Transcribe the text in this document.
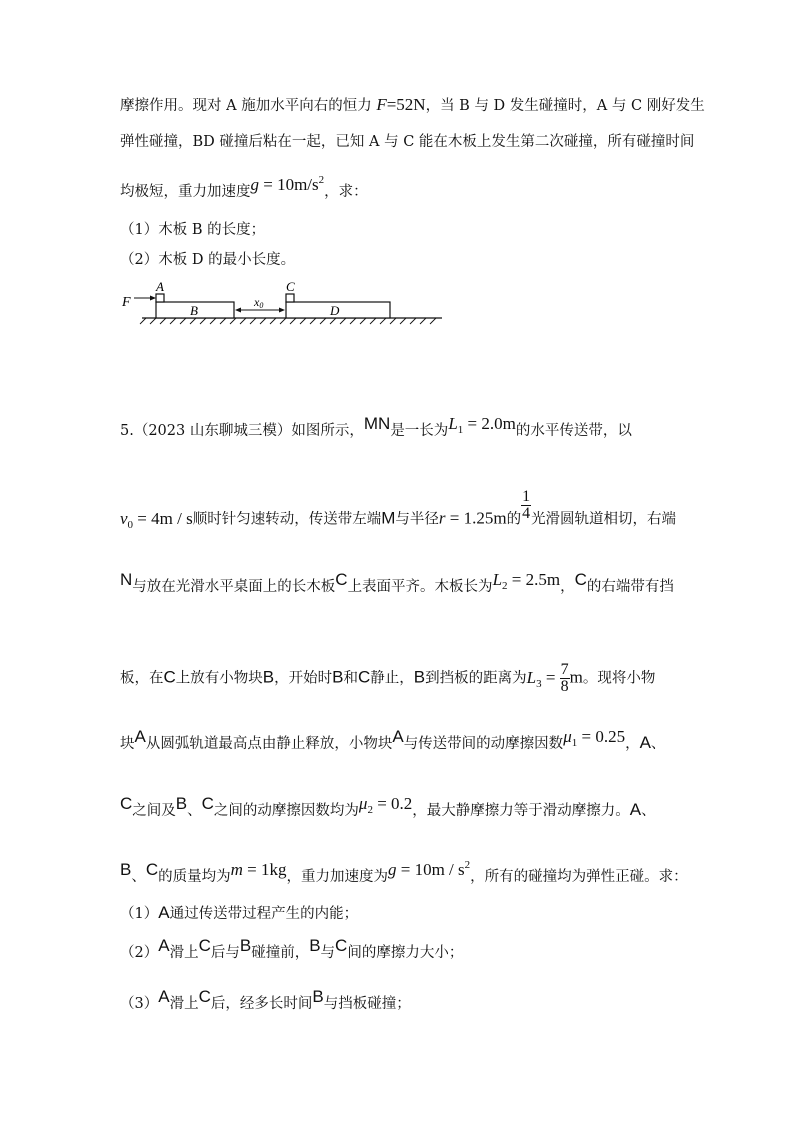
摩擦作用。现对 A 施加水平向右的恒力 F=52N，当 B 与 D 发生碰撞时，A 与 C 刚好发生
弹性碰撞，BD 碰撞后粘在一起，已知 A 与 C 能在木板上发生第二次碰撞，所有碰撞时间
均极短，重力加速度$g = 10m/s^2$，求：
（1）木板 B 的长度；
（2）木板 D 的最小长度。
F
A
B
C
D
x0
5.（2023 山东聊城三模）如图所示，MN是一长为$L_1 = 2.0m$的水平传送带，以
$v_0 = 4m / s$顺时针匀速转动，传送带左端M与半径r = 1.25m的 $\frac{1}{4}$ 光滑圆轨道相切，右端
N与放在光滑水平桌面上的长木板C上表面平齐。木板长为$L_2 = 2.5m$，C的右端带有挡
板，在C上放有小物块B，开始时B和C静止，B到挡板的距离为$L_3 = \frac{7}{8}$ m。现将小物
块A从圆弧轨道最高点由静止释放，小物块A与传送带间的动摩擦因数$\mu_1 = 0.25$，A、
C之间及B、C之间的动摩擦因数均为$\mu_2 = 0.2$，最大静摩擦力等于滑动摩擦力。A、
B、C的质量均为m = 1kg，重力加速度为$g = 10m / s^2$，所有的碰撞均为弹性正碰。求：
（1）A通过传送带过程产生的内能；
（2）A滑上C后与B碰撞前，B与C间的摩擦力大小；
（3）A滑上C后，经多长时间B与挡板碰撞；
